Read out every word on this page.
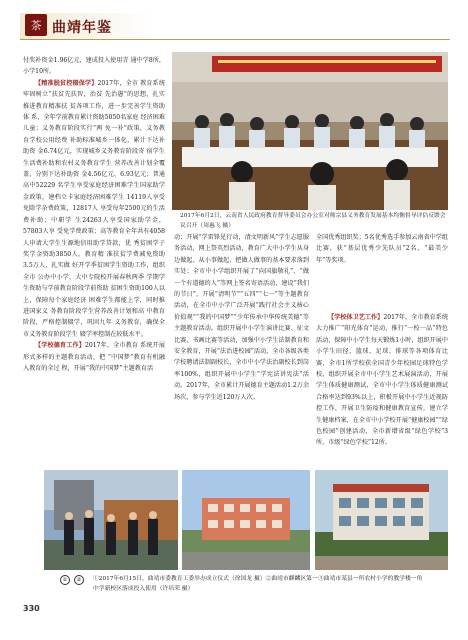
茶 曲靖年鉴

付奖补资金1.96亿元，建成投入使用青 通中学8所，小学10所。

【精准脱贫控辍保学】2017年，全市 教育系统牢固树立“扶贫先扶智，治贫 先治愚”的思想，扎实推进教育精准扶 贫各项工作，进一步完善学生资助体 系，全年学前教育累计资助5050名家庭 经济困难儿童；义务教育阶段实行“两 免一补”政策，义务教育学校公用经费 补助标准城乡一体化，累计下达补助资 金6.74亿元，实现城乡义务教育阶段寄 宿学生生活费补助和农村义务教育学生 营养改善计划全覆盖，分别下达补助资 金4.56亿元、6.93亿元；普通高中52229 名学生享受家庭经济困难学生国家助学 金政策，建档立卡家庭经济困难学生 14119人享受免除学杂费政策，12817人 享受每年2500元的生活费补助；中职学 生24263人享受国家助学金，57803人享 受免学费政策；高等教育全年共有4058 人申请大学生生源地信用助学贷款，优 秀贫困学子奖学金资助3850人。教育精 准扶贫学费减免资助3.5万人，扎实做 好开学季贫困学生资助工作，组织全市 公办中小学，大中专院校开展春秋两季 学期学生资助与学前教育阶段学前资助 贫困生资助100人以上，保障每个家庭经济 困难学生都能上学，同时推进国家义 务教育阶段学生营养改善计划和高 中教育阶段，严格控制辍学，巩固九年 义务教育，确保全市义务教育阶段学生 辍学率控制在较低水平。

【学校德育工作】2017年，全市教育 系统开展形式多样的主题教育活动，把 “中国梦”教育有机融入教育的全过 程，开展“我的中国梦”主题教育活

2017年6月2日，云南省人民政府教育督导委员会办公室对师宗县义务教育发展基本均衡督导评估反馈会议召开（周惠飞 摄）

动；开展“学雷锋见行动，清文明新风”学生志愿服务活动，网上祭英烈活动，教育广大中小学生从身边做起、从小事做起，把做人做事的基本要求落到实处；全市中小学组织开展了“向国旗敬礼”、“做一个有道德的人”等网上签名寄语活动，建设“我们的节日”，开展“清明节”“五四”“七一”等主题教育活动，在全市中小学广泛开展“践行社会主义核心价值观”“我的中国梦”“少年传承中华传统美德”等主题教育活动。组织开展中小学生演讲比赛、征文比赛、书画比赛等活动，加强中小学生法制教育和安全教育，开展“法治进校园”活动，全市各级各类学校聘请法制副校长，全市中小学法治副校长到岗率100%，组织开展中小学生“学宪法讲宪法”活动。2017年，全市累计开展德育主题活动1.2万余场次，参与学生近120万人次。

全国优秀组织奖；5名优秀选手参加云南省中学组比赛，获“基层优秀少先队员”2名、“最美少年”等奖项。

【学校体卫艺工作】2017年，全市教育系统大力推广“阳光体育”运动，推行“一校一品”特色活动，保障中小学生每天锻炼1小时，组织开展中小学生田径、篮球、足球、排球等各项体育比赛，全市1所学校获全国青少年校园足球特色学校，组织开展全市中小学生艺术展演活动，开展学生体质健康测试，全市中小学生体质健康测试合格率达到93%以上，积极开展中小学生近视防控工作，开展卫生防疫和健康教育宣传，建立学生健康档案，在全市中小学校开展“健康校园”“绿色校园”创建活动，全市新增省级“绿色学校”3所、市级“绿色学校”12所。

① ②	①2017年6月15日，曲靖市委教育工委举办成立仪式（徐国龙 摄）②曲靖市麒麟区第一中学新校区落成投入使用（许培荣 摄）
③曲靖市某县一所农村小学的教学楼一角
330
